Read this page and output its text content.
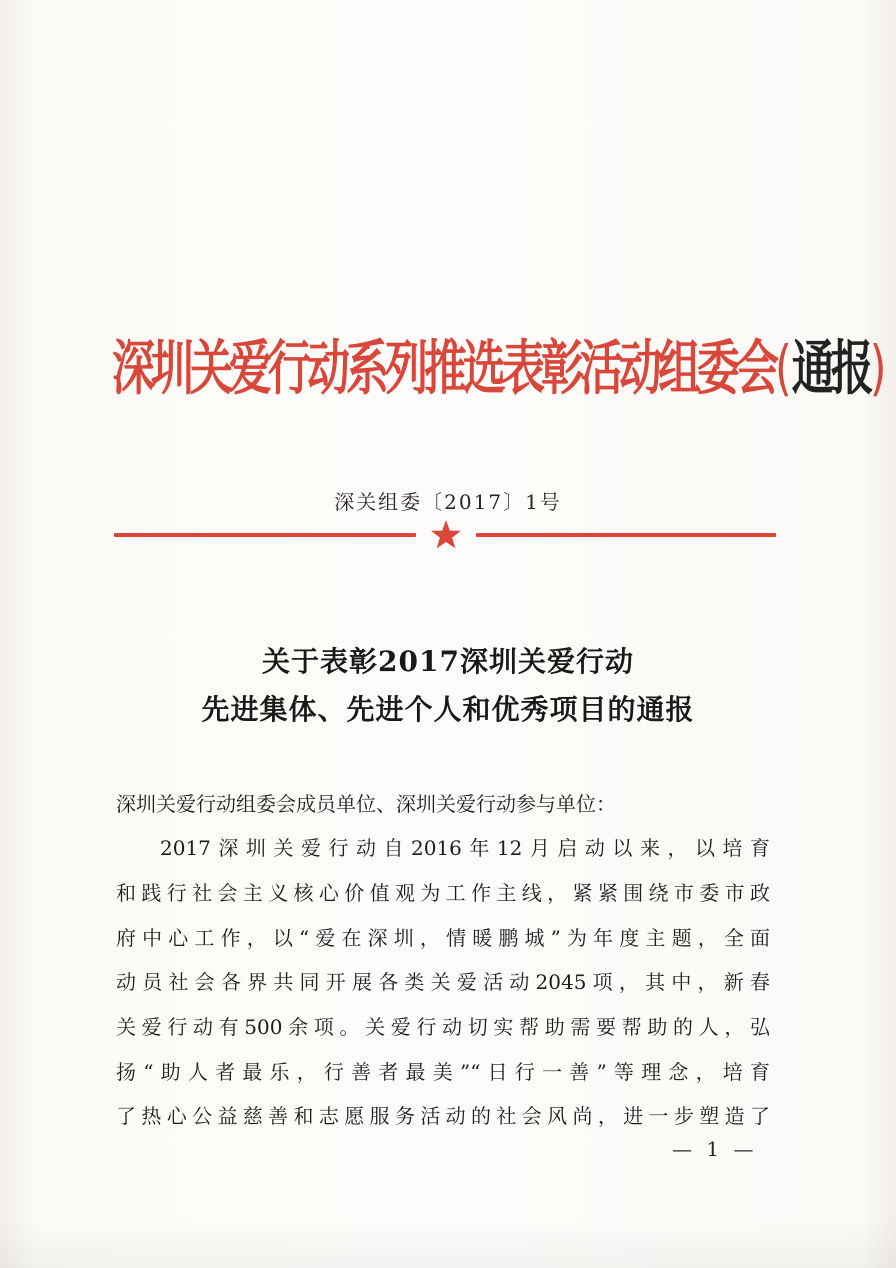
深圳关爱行动系列推选表彰活动组委会(通报)
深关组委〔2017〕1号
关于表彰2017深圳关爱行动
先进集体、先进个人和优秀项目的通报
深圳关爱行动组委会成员单位、深圳关爱行动参与单位：
2017深圳关爱行动自2016年12月启动以来，以培育
和践行社会主义核心价值观为工作主线，紧紧围绕市委市政
府中心工作，以“爱在深圳，情暖鹏城”为年度主题，全面
动员社会各界共同开展各类关爱活动2045项，其中，新春
关爱行动有500余项。关爱行动切实帮助需要帮助的人，弘
扬“助人者最乐，行善者最美”“日行一善”等理念，培育
了热心公益慈善和志愿服务活动的社会风尚，进一步塑造了
— 1 —
